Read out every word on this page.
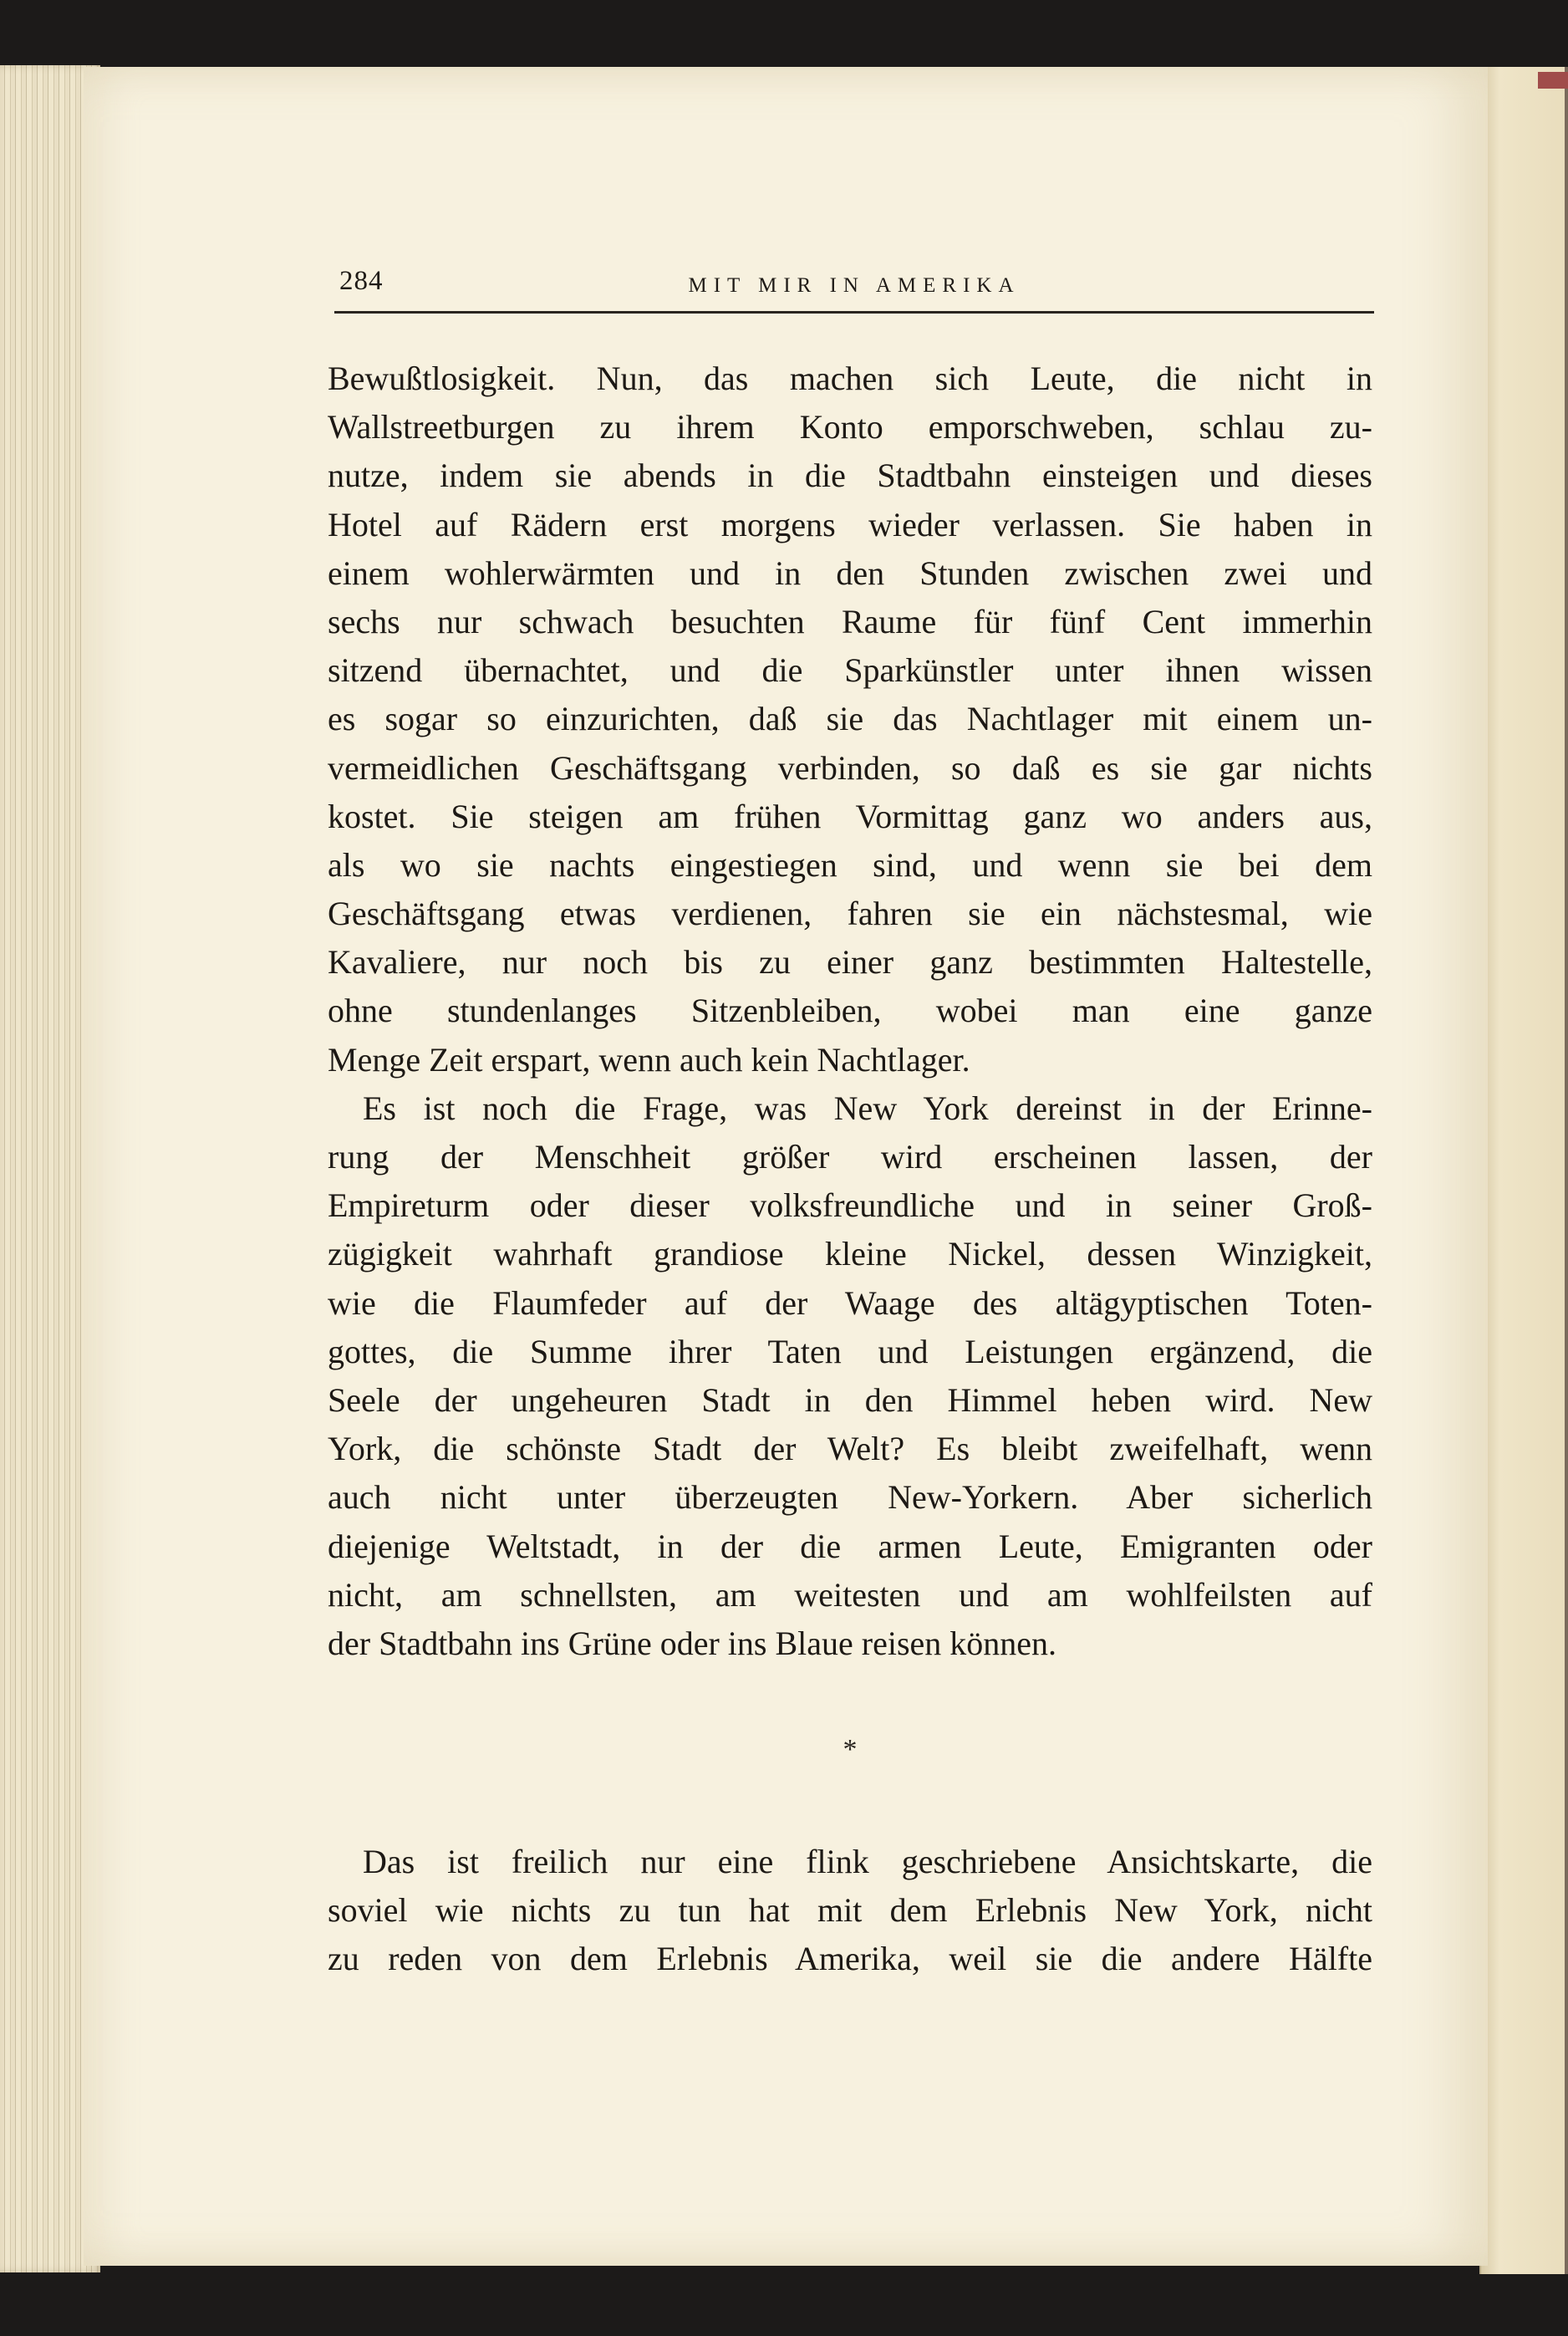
284	MIT MIR IN AMERIKA
Bewußtlosigkeit. Nun, das machen sich Leute, die nicht in
Wallstreetburgen zu ihrem Konto emporschweben, schlau zu-
nutze, indem sie abends in die Stadtbahn einsteigen und dieses
Hotel auf Rädern erst morgens wieder verlassen. Sie haben in
einem wohlerwärmten und in den Stunden zwischen zwei und
sechs nur schwach besuchten Raume für fünf Cent immerhin
sitzend übernachtet, und die Sparkünstler unter ihnen wissen
es sogar so einzurichten, daß sie das Nachtlager mit einem un-
vermeidlichen Geschäftsgang verbinden, so daß es sie gar nichts
kostet. Sie steigen am frühen Vormittag ganz wo anders aus,
als wo sie nachts eingestiegen sind, und wenn sie bei dem
Geschäftsgang etwas verdienen, fahren sie ein nächstesmal, wie
Kavaliere, nur noch bis zu einer ganz bestimmten Haltestelle,
ohne stundenlanges Sitzenbleiben, wobei man eine ganze
Menge Zeit erspart, wenn auch kein Nachtlager.
Es ist noch die Frage, was New York dereinst in der Erinne-
rung der Menschheit größer wird erscheinen lassen, der
Empireturm oder dieser volksfreundliche und in seiner Groß-
zügigkeit wahrhaft grandiose kleine Nickel, dessen Winzigkeit,
wie die Flaumfeder auf der Waage des altägyptischen Toten-
gottes, die Summe ihrer Taten und Leistungen ergänzend, die
Seele der ungeheuren Stadt in den Himmel heben wird. New
York, die schönste Stadt der Welt? Es bleibt zweifelhaft, wenn
auch nicht unter überzeugten New-Yorkern. Aber sicherlich
diejenige Weltstadt, in der die armen Leute, Emigranten oder
nicht, am schnellsten, am weitesten und am wohlfeilsten auf
der Stadtbahn ins Grüne oder ins Blaue reisen können.
*
Das ist freilich nur eine flink geschriebene Ansichtskarte, die
soviel wie nichts zu tun hat mit dem Erlebnis New York, nicht
zu reden von dem Erlebnis Amerika, weil sie die andere Hälfte
